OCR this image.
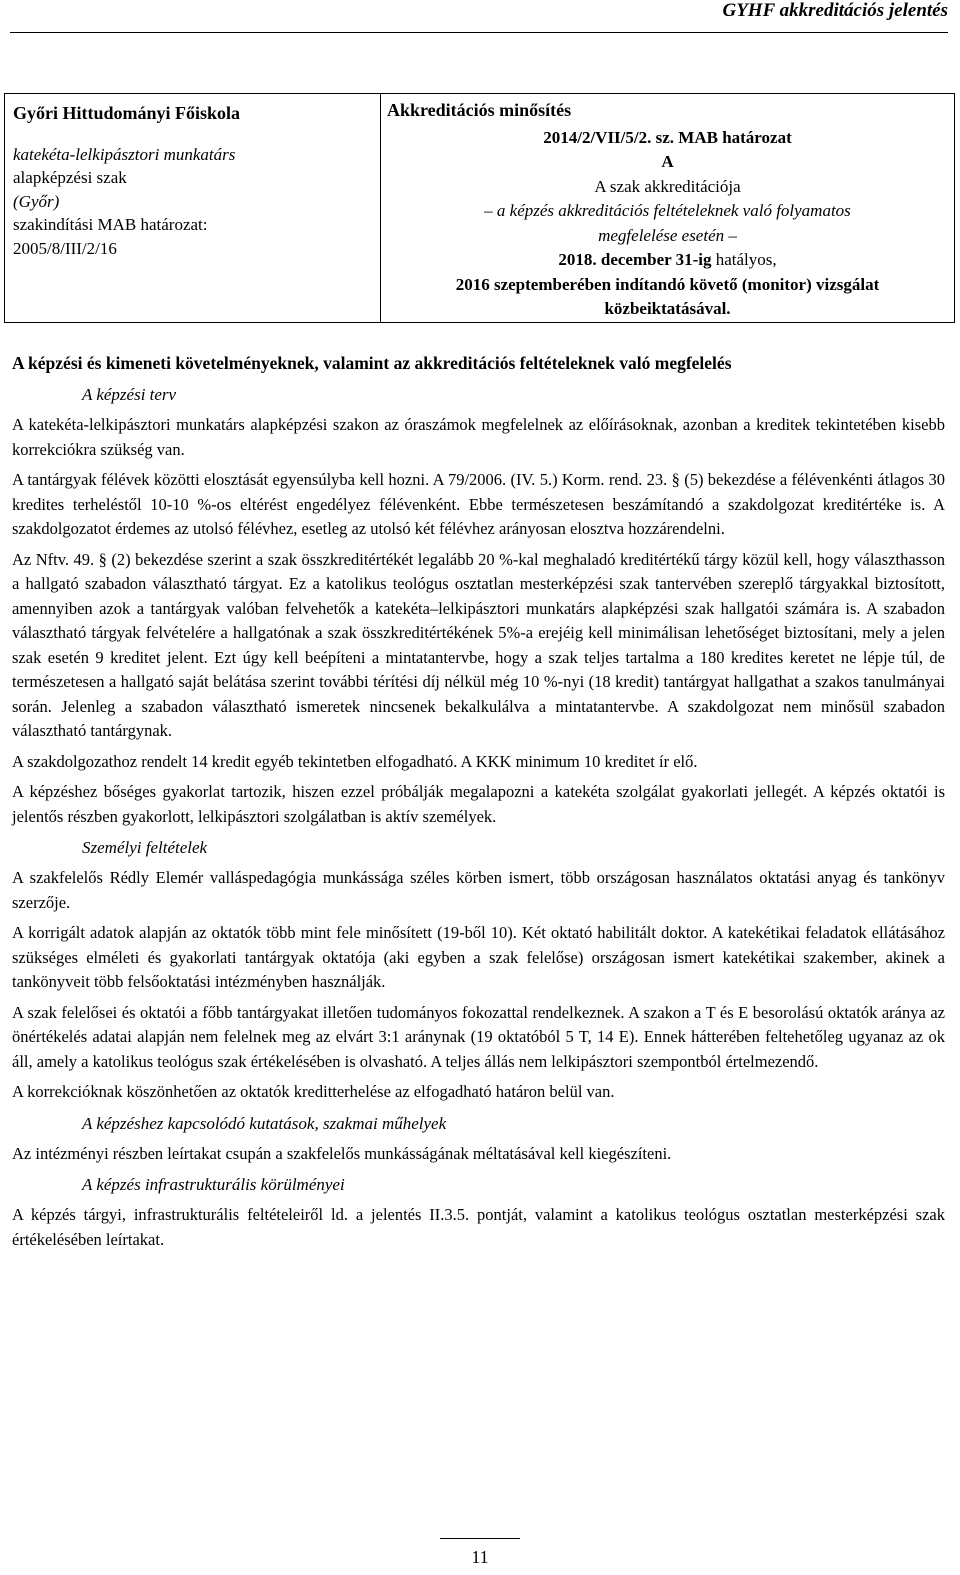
GYHF akkreditációs jelentés
Győri Hittudományi Főiskola
katekéta-lelkipásztori munkatárs
alapképzési szak
(Győr)
szakindítási MAB határozat:
2005/8/III/2/16

Akkreditációs minősítés
2014/2/VII/5/2. sz. MAB határozat
A
A szak akkreditációja
– a képzés akkreditációs feltételeknek való folyamatos
megfelelése esetén –
2018. december 31-ig hatályos,
2016 szeptemberében indítandó követő (monitor) vizsgálat
közbeiktatásával.
A képzési és kimeneti követelményeknek, valamint az akkreditációs feltételeknek való megfelelés
A képzési terv

A katekéta-lelkipásztori munkatárs alapképzési szakon az óraszámok megfelelnek az előírásoknak, azonban a kreditek tekintetében kisebb korrekciókra szükség van.

A tantárgyak félévek közötti elosztását egyensúlyba kell hozni. A 79/2006. (IV. 5.) Korm. rend. 23. § (5) bekezdése a félévenkénti átlagos 30 kredites terheléstől 10-10 %-os eltérést engedélyez félévenként. Ebbe természetesen beszámítandó a szakdolgozat kreditértéke is. A szakdolgozatot érdemes az utolsó félévhez, esetleg az utolsó két félévhez arányosan elosztva hozzárendelni.

Az Nftv. 49. § (2) bekezdése szerint a szak összkreditértékét legalább 20 %-kal meghaladó kreditértékű tárgy közül kell, hogy választhasson a hallgató szabadon választható tárgyat. Ez a katolikus teológus osztatlan mesterképzési szak tantervében szereplő tárgyakkal biztosított, amennyiben azok a tantárgyak valóban felvehetők a katekéta–lelkipásztori munkatárs alapképzési szak hallgatói számára is. A szabadon választható tárgyak felvételére a hallgatónak a szak összkreditértékének 5%-a erejéig kell minimálisan lehetőséget biztosítani, mely a jelen szak esetén 9 kreditet jelent. Ezt úgy kell beépíteni a mintatantervbe, hogy a szak teljes tartalma a 180 kredites keretet ne lépje túl, de természetesen a hallgató saját belátása szerint további térítési díj nélkül még 10 %-nyi (18 kredit) tantárgyat hallgathat a szakos tanulmányai során. Jelenleg a szabadon választható ismeretek nincsenek bekalkulálva a mintatantervbe. A szakdolgozat nem minősül szabadon választható tantárgynak.

A szakdolgozathoz rendelt 14 kredit egyéb tekintetben elfogadható. A KKK minimum 10 kreditet ír elő.

A képzéshez bőséges gyakorlat tartozik, hiszen ezzel próbálják megalapozni a katekéta szolgálat gyakorlati jellegét. A képzés oktatói is jelentős részben gyakorlott, lelkipásztori szolgálatban is aktív személyek.

Személyi feltételek

A szakfelelős Rédly Elemér valláspedagógia munkássága széles körben ismert, több országosan használatos oktatási anyag és tankönyv szerzője.

A korrigált adatok alapján az oktatók több mint fele minősített (19-ből 10). Két oktató habilitált doktor. A katekétikai feladatok ellátásához szükséges elméleti és gyakorlati tantárgyak oktatója (aki egyben a szak felelőse) országosan ismert katekétikai szakember, akinek a tankönyveit több felsőoktatási intézményben használják.

A szak felelősei és oktatói a főbb tantárgyakat illetően tudományos fokozattal rendelkeznek. A szakon a T és E besorolású oktatók aránya az önértékelés adatai alapján nem felelnek meg az elvárt 3:1 aránynak (19 oktatóból 5 T, 14 E). Ennek hátterében feltehetőleg ugyanaz az ok áll, amely a katolikus teológus szak értékelésében is olvasható. A teljes állás nem lelkipásztori szempontból értelmezendő.

A korrekcióknak köszönhetően az oktatók kreditterhelése az elfogadható határon belül van.

A képzéshez kapcsolódó kutatások, szakmai műhelyek

Az intézményi részben leírtakat csupán a szakfelelős munkásságának méltatásával kell kiegészíteni.

A képzés infrastrukturális körülményei

A képzés tárgyi, infrastrukturális feltételeiről ld. a jelentés II.3.5. pontját, valamint a katolikus teológus osztatlan mesterképzési szak értékelésében leírtakat.

11
